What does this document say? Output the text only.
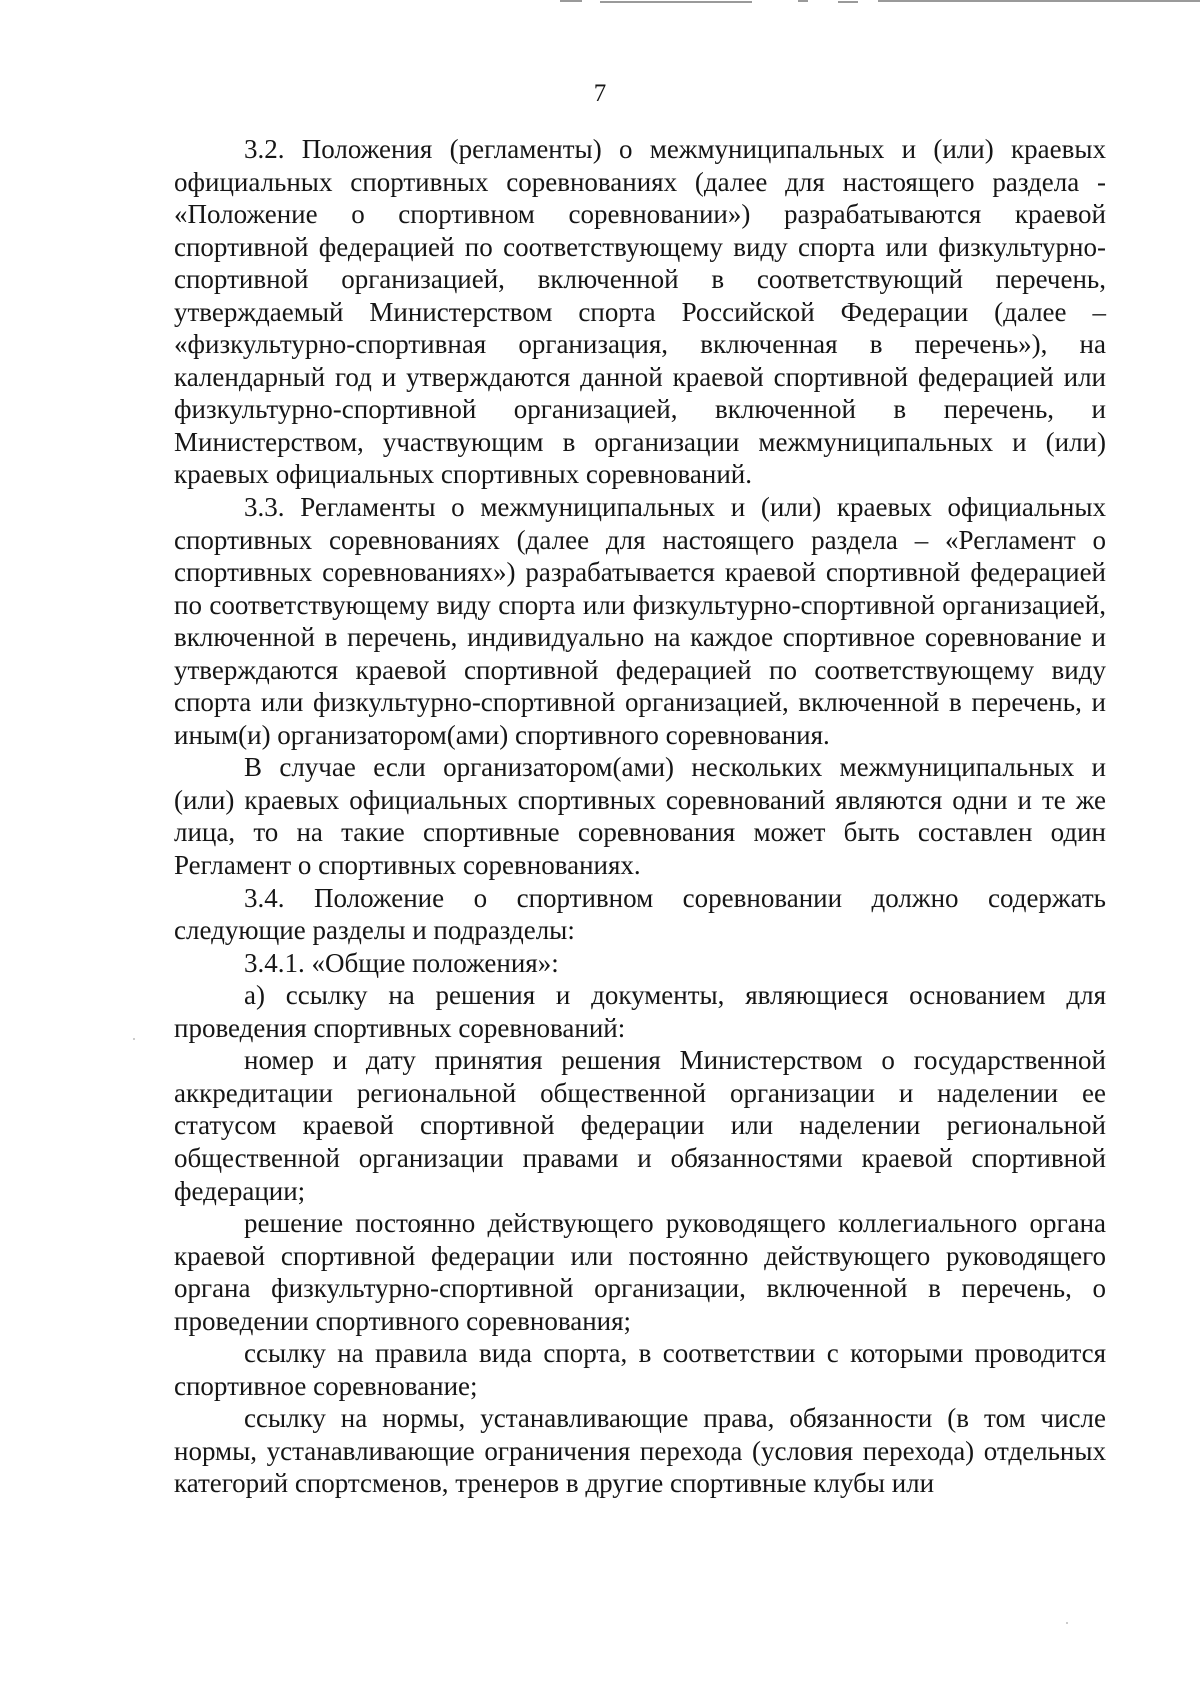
7

3.2. Положения (регламенты) о межмуниципальных и (или) краевых официальных спортивных соревнованиях (далее для настоящего раздела - «Положение о спортивном соревновании») разрабатываются краевой спортивной федерацией по соответствующему виду спорта или физкультурно-спортивной организацией, включенной в соответствующий перечень, утверждаемый Министерством спорта Российской Федерации (далее – «физкультурно-спортивная организация, включенная в перечень»), на календарный год и утверждаются данной краевой спортивной федерацией или физкультурно-спортивной организацией, включенной в перечень, и Министерством, участвующим в организации межмуниципальных и (или) краевых официальных спортивных соревнований.

3.3. Регламенты о межмуниципальных и (или) краевых официальных спортивных соревнованиях (далее для настоящего раздела – «Регламент о спортивных соревнованиях») разрабатывается краевой спортивной федерацией по соответствующему виду спорта или физкультурно-спортивной организацией, включенной в перечень, индивидуально на каждое спортивное соревнование и утверждаются краевой спортивной федерацией по соответствующему виду спорта или физкультурно-спортивной организацией, включенной в перечень, и иным(и) организатором(ами) спортивного соревнования.

В случае если организатором(ами) нескольких межмуниципальных и (или) краевых официальных спортивных соревнований являются одни и те же лица, то на такие спортивные соревнования может быть составлен один Регламент о спортивных соревнованиях.

3.4. Положение о спортивном соревновании должно содержать следующие разделы и подразделы:

3.4.1. «Общие положения»:

а) ссылку на решения и документы, являющиеся основанием для проведения спортивных соревнований:

номер и дату принятия решения Министерством о государственной аккредитации региональной общественной организации и наделении ее статусом краевой спортивной федерации или наделении региональной общественной организации правами и обязанностями краевой спортивной федерации;

решение постоянно действующего руководящего коллегиального органа краевой спортивной федерации или постоянно действующего руководящего органа физкультурно-спортивной организации, включенной в перечень, о проведении спортивного соревнования;

ссылку на правила вида спорта, в соответствии с которыми проводится спортивное соревнование;

ссылку на нормы, устанавливающие права, обязанности (в том числе нормы, устанавливающие ограничения перехода (условия перехода) отдельных категорий спортсменов, тренеров в другие спортивные клубы или
